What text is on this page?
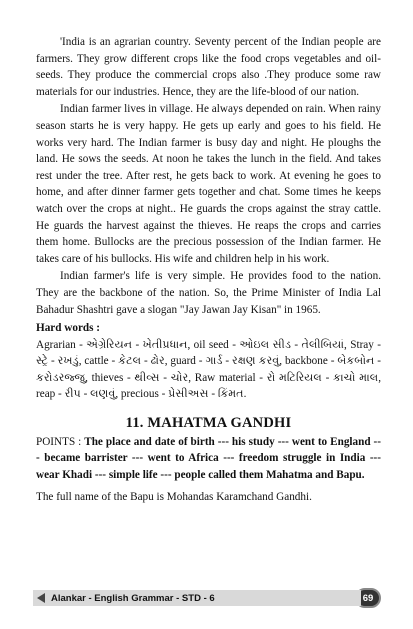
'India is an agrarian country. Seventy percent of the Indian people are farmers. They grow different crops like the food crops vegetables and oil-seeds. They produce the commercial crops also .They produce some raw materials for our industries. Hence, they are the life-blood of our nation.

Indian farmer lives in village. He always depended on rain. When rainy season starts he is very happy. He gets up early and goes to his field. He works very hard. The Indian farmer is busy day and night. He ploughs the land. He sows the seeds. At noon he takes the lunch in the field. And takes rest under the tree. After rest, he gets back to work. At evening he goes to home, and after dinner farmer gets together and chat. Some times he keeps watch over the crops at night.. He guards the crops against the stray cattle. He guards the harvest against the thieves. He reaps the crops and carries them home. Bullocks are the precious possession of the Indian farmer. He takes care of his bullocks. His wife and children help in his work.

Indian farmer's life is very simple. He provides food to the nation. They are the backbone of the nation. So, the Prime Minister of India Lal Bahadur Shashtri gave a slogan "Jay Jawan Jay Kisan" in 1965.

Hard words :

Agrarian - એગ્રેરિયન - ખેતીપ્રધાન, oil seed - ઓઇલ સીડ - તેલીબિયાં, Stray - સ્ટ્રે - રખડું, cattle - કેટલ - ઢોર, guard - ગાર્ડ - રક્ષણ કરવું, backbone - બેકબોન - કરોડરજ્જુ, thieves - થીવ્સ - ચોર, Raw material - રો મટિરિયલ - કાચો માલ, reap - રીપ - લણવું, precious - પ્રેસીઅસ - કિંમત.

11. MAHATMA GANDHI

POINTS : The place and date of birth --- his study --- went to England --- became barrister --- went to Africa --- freedom struggle in India --- wear Khadi --- simple life --- people called them Mahatma and Bapu.

The full name of the Bapu is Mohandas Karamchand Gandhi.

Alankar - English Grammar - STD - 6	69
